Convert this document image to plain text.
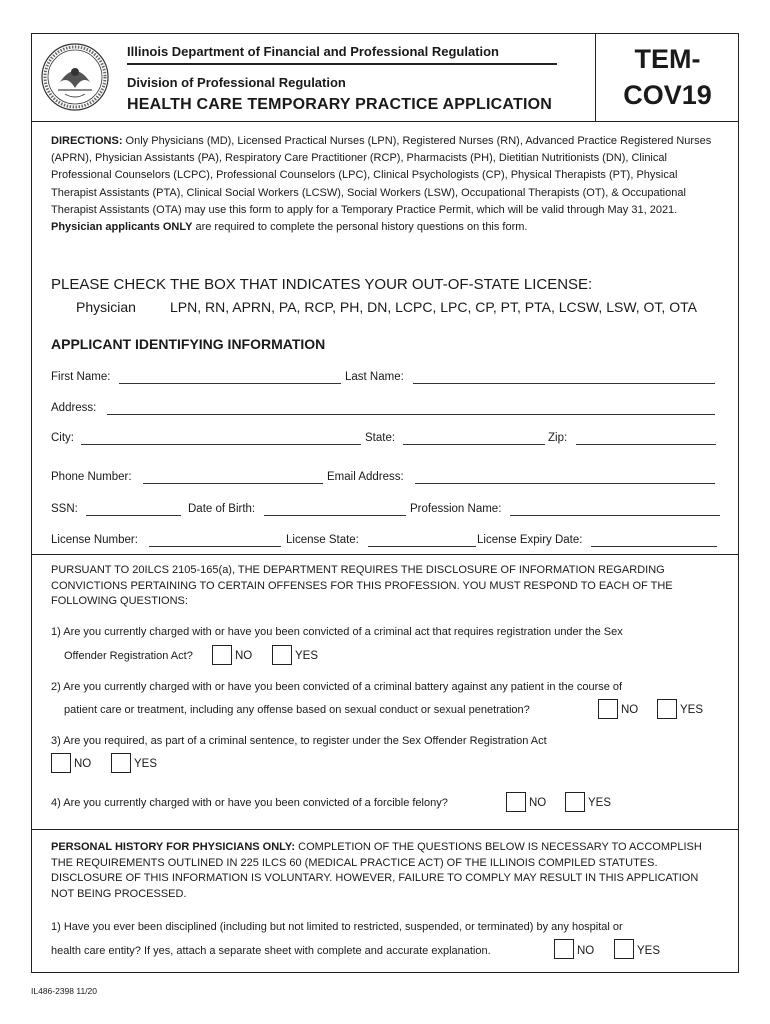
Illinois Department of Financial and Professional Regulation
Division of Professional Regulation
HEALTH CARE TEMPORARY PRACTICE APPLICATION
TEM-
COV19
DIRECTIONS: Only Physicians (MD), Licensed Practical Nurses (LPN), Registered Nurses (RN), Advanced Practice Registered Nurses (APRN), Physician Assistants (PA), Respiratory Care Practitioner (RCP), Pharmacists (PH), Dietitian Nutritionists (DN), Clinical Professional Counselors (LCPC), Professional Counselors (LPC), Clinical Psychologists (CP), Physical Therapists (PT), Physical Therapist Assistants (PTA), Clinical Social Workers (LCSW), Social Workers (LSW), Occupational Therapists (OT), & Occupational Therapist Assistants (OTA) may use this form to apply for a Temporary Practice Permit, which will be valid through May 31, 2021. Physician applicants ONLY are required to complete the personal history questions on this form.
PLEASE CHECK THE BOX THAT INDICATES YOUR OUT-OF-STATE LICENSE:
Physician LPN, RN, APRN, PA, RCP, PH, DN, LCPC, LPC, CP, PT, PTA, LCSW, LSW, OT, OTA
APPLICANT IDENTIFYING INFORMATION
First Name:	Last Name:
Address:
City:	State:	Zip:
Phone Number:	Email Address:
SSN:	Date of Birth:	Profession Name:
License Number:	License State:	License Expiry Date:
PURSUANT TO 20ILCS 2105-165(a), THE DEPARTMENT REQUIRES THE DISCLOSURE OF INFORMATION REGARDING CONVICTIONS PERTAINING TO CERTAIN OFFENSES FOR THIS PROFESSION. YOU MUST RESPOND TO EACH OF THE FOLLOWING QUESTIONS:
1) Are you currently charged with or have you been convicted of a criminal act that requires registration under the Sex
Offender Registration Act?	NO	YES
2) Are you currently charged with or have you been convicted of a criminal battery against any patient in the course of
patient care or treatment, including any offense based on sexual conduct or sexual penetration?	NO	YES
3) Are you required, as part of a criminal sentence, to register under the Sex Offender Registration Act
NO	YES
4) Are you currently charged with or have you been convicted of a forcible felony?	NO	YES
PERSONAL HISTORY FOR PHYSICIANS ONLY: COMPLETION OF THE QUESTIONS BELOW IS NECESSARY TO ACCOMPLISH THE REQUIREMENTS OUTLINED IN 225 ILCS 60 (MEDICAL PRACTICE ACT) OF THE ILLINOIS COMPILED STATUTES. DISCLOSURE OF THIS INFORMATION IS VOLUNTARY. HOWEVER, FAILURE TO COMPLY MAY RESULT IN THIS APPLICATION NOT BEING PROCESSED.
1) Have you ever been disciplined (including but not limited to restricted, suspended, or terminated) by any hospital or
health care entity? If yes, attach a separate sheet with complete and accurate explanation.	NO	YES
IL486-2398 11/20
